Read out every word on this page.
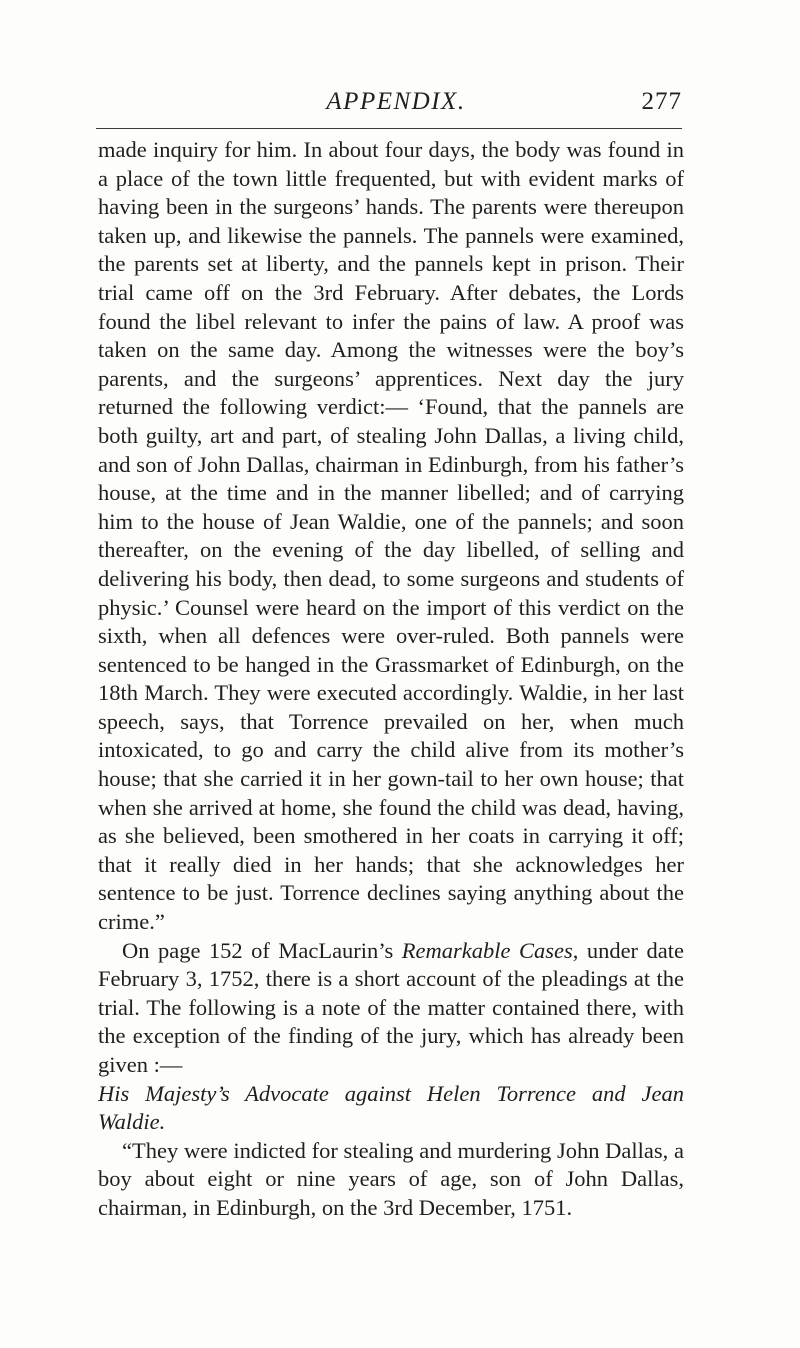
APPENDIX.	277

made inquiry for him. In about four days, the body was found in a place of the town little frequented, but with evident marks of having been in the surgeons’ hands. The parents were thereupon taken up, and likewise the pannels. The pannels were examined, the parents set at liberty, and the pannels kept in prison. Their trial came off on the 3rd February. After debates, the Lords found the libel relevant to infer the pains of law. A proof was taken on the same day. Among the witnesses were the boy’s parents, and the surgeons’ apprentices. Next day the jury returned the following verdict:— ‘Found, that the pannels are both guilty, art and part, of stealing John Dallas, a living child, and son of John Dallas, chairman in Edinburgh, from his father’s house, at the time and in the manner libelled; and of carrying him to the house of Jean Waldie, one of the pannels; and soon thereafter, on the evening of the day libelled, of selling and delivering his body, then dead, to some surgeons and students of physic.’ Counsel were heard on the import of this verdict on the sixth, when all defences were over-ruled. Both pannels were sentenced to be hanged in the Grassmarket of Edinburgh, on the 18th March. They were executed accordingly. Waldie, in her last speech, says, that Torrence prevailed on her, when much intoxicated, to go and carry the child alive from its mother’s house; that she carried it in her gown-tail to her own house; that when she arrived at home, she found the child was dead, having, as she believed, been smothered in her coats in carrying it off; that it really died in her hands; that she acknowledges her sentence to be just. Torrence declines saying anything about the crime.”

On page 152 of MacLaurin’s Remarkable Cases, under date February 3, 1752, there is a short account of the pleadings at the trial. The following is a note of the matter contained there, with the exception of the finding of the jury, which has already been given :—

His Majesty’s Advocate against Helen Torrence and Jean Waldie.

“They were indicted for stealing and murdering John Dallas, a boy about eight or nine years of age, son of John Dallas, chairman, in Edinburgh, on the 3rd December, 1751.
